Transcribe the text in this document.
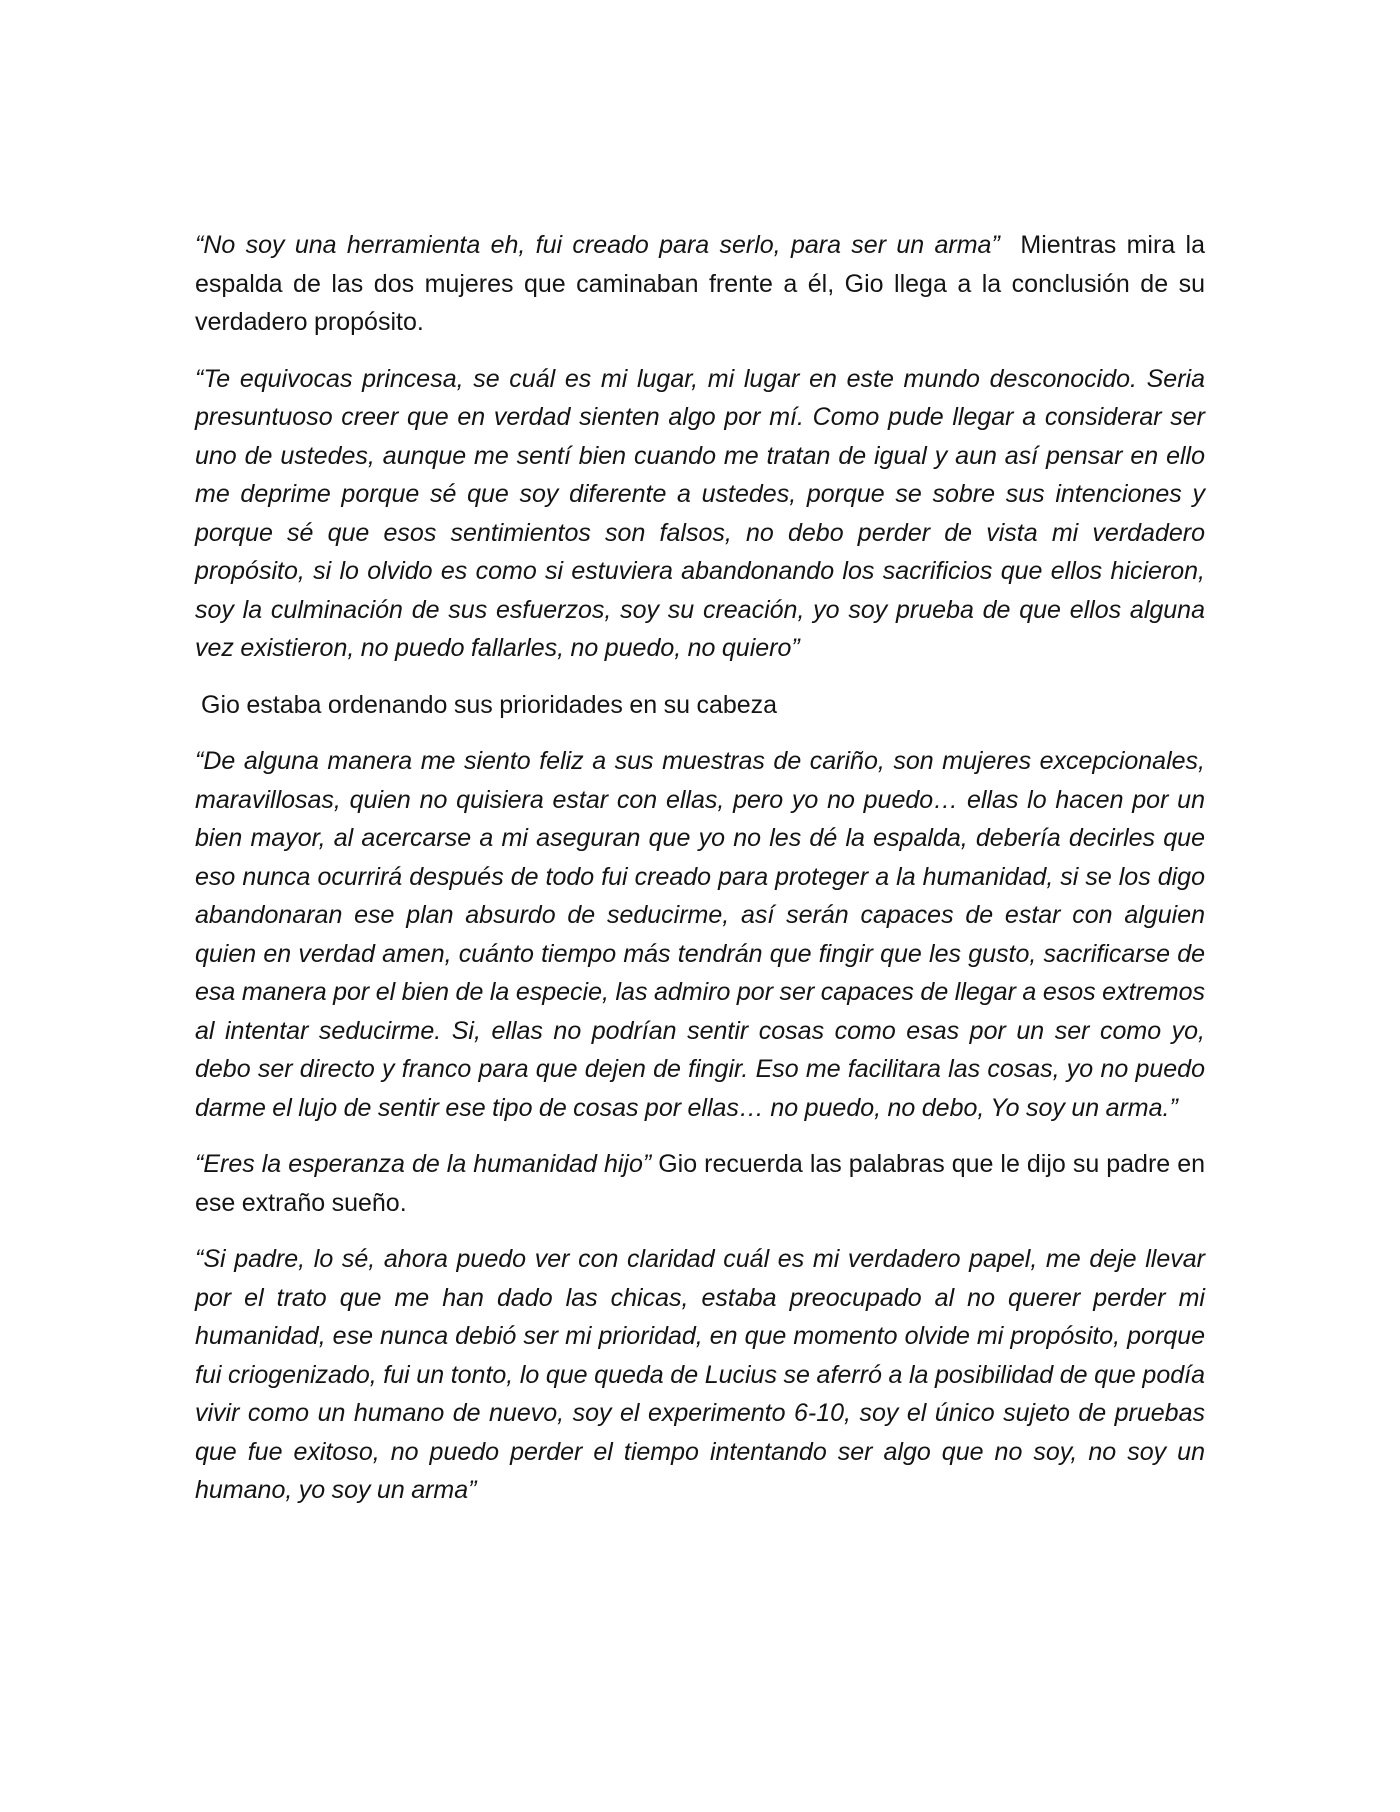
“No soy una herramienta eh, fui creado para serlo, para ser un arma”  Mientras mira la espalda de las dos mujeres que caminaban frente a él, Gio llega a la conclusión de su verdadero propósito.

“Te equivocas princesa, se cuál es mi lugar, mi lugar en este mundo desconocido. Seria presuntuoso creer que en verdad sienten algo por mí. Como pude llegar a considerar ser uno de ustedes, aunque me sentí bien cuando me tratan de igual y aun así pensar en ello me deprime porque sé que soy diferente a ustedes, porque se sobre sus intenciones y porque sé que esos sentimientos son falsos, no debo perder de vista mi verdadero propósito, si lo olvido es como si estuviera abandonando los sacrificios que ellos hicieron, soy la culminación de sus esfuerzos, soy su creación, yo soy prueba de que ellos alguna vez existieron, no puedo fallarles, no puedo, no quiero”

Gio estaba ordenando sus prioridades en su cabeza

“De alguna manera me siento feliz a sus muestras de cariño, son mujeres excepcionales, maravillosas, quien no quisiera estar con ellas, pero yo no puedo… ellas lo hacen por un bien mayor, al acercarse a mi aseguran que yo no les dé la espalda, debería decirles que eso nunca ocurrirá después de todo fui creado para proteger a la humanidad, si se los digo abandonaran ese plan absurdo de seducirme, así serán capaces de estar con alguien quien en verdad amen, cuánto tiempo más tendrán que fingir que les gusto, sacrificarse de esa manera por el bien de la especie, las admiro por ser capaces de llegar a esos extremos al intentar seducirme. Si, ellas no podrían sentir cosas como esas por un ser como yo, debo ser directo y franco para que dejen de fingir. Eso me facilitara las cosas, yo no puedo darme el lujo de sentir ese tipo de cosas por ellas… no puedo, no debo, Yo soy un arma.”

“Eres la esperanza de la humanidad hijo” Gio recuerda las palabras que le dijo su padre en ese extraño sueño.

“Si padre, lo sé, ahora puedo ver con claridad cuál es mi verdadero papel, me deje llevar por el trato que me han dado las chicas, estaba preocupado al no querer perder mi humanidad, ese nunca debió ser mi prioridad, en que momento olvide mi propósito, porque fui criogenizado, fui un tonto, lo que queda de Lucius se aferró a la posibilidad de que podía vivir como un humano de nuevo, soy el experimento 6-10, soy el único sujeto de pruebas que fue exitoso, no puedo perder el tiempo intentando ser algo que no soy, no soy un humano, yo soy un arma”
